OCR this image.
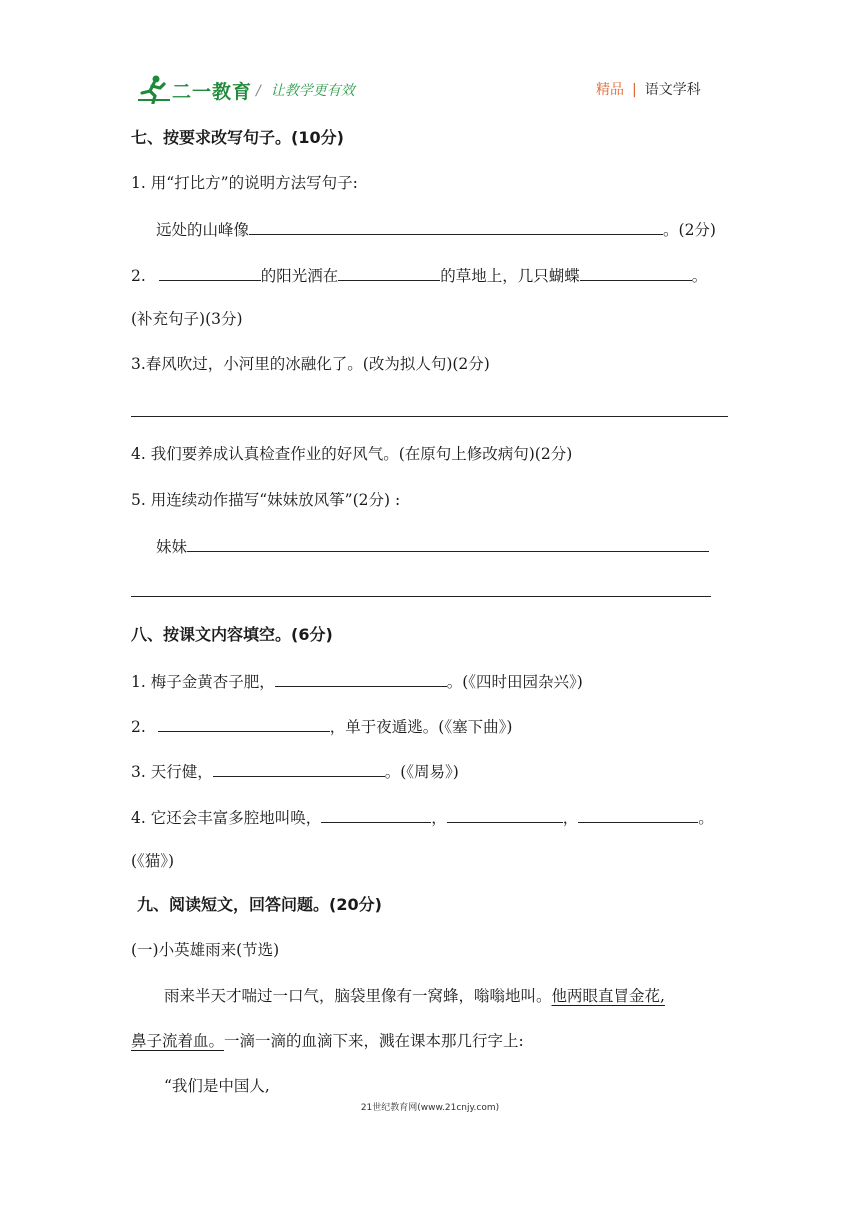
二一教育 / 让教学更有效	精品 | 语文学科
七、按要求改写句子。(10分)
1. 用“打比方”的说明方法写句子:
远处的山峰像	。(2分)
2.	的阳光洒在	的草地上，几只蝴蝶	。
(补充句子)(3分)
3.春风吹过，小河里的冰融化了。(改为拟人句)(2分)
4. 我们要养成认真检查作业的好风气。(在原句上修改病句)(2分)
5. 用连续动作描写“妹妹放风筝”(2分) :
妹妹
八、按课文内容填空。(6分)
1. 梅子金黄杏子肥，	。(《四时田园杂兴》)
2.	，单于夜遁逃。(《塞下曲》)
3. 天行健，	。(《周易》)
4. 它还会丰富多腔地叫唤，	，	，	。
(《猫》)
九、阅读短文，回答问题。(20分)
(一)小英雄雨来(节选)
雨来半天才喘过一口气，脑袋里像有一窝蜂，嗡嗡地叫。他两眼直冒金花,
鼻子流着血。一滴一滴的血滴下来，溅在课本那几行字上:
“我们是中国人,
21世纪教育网(www.21cnjy.com)
